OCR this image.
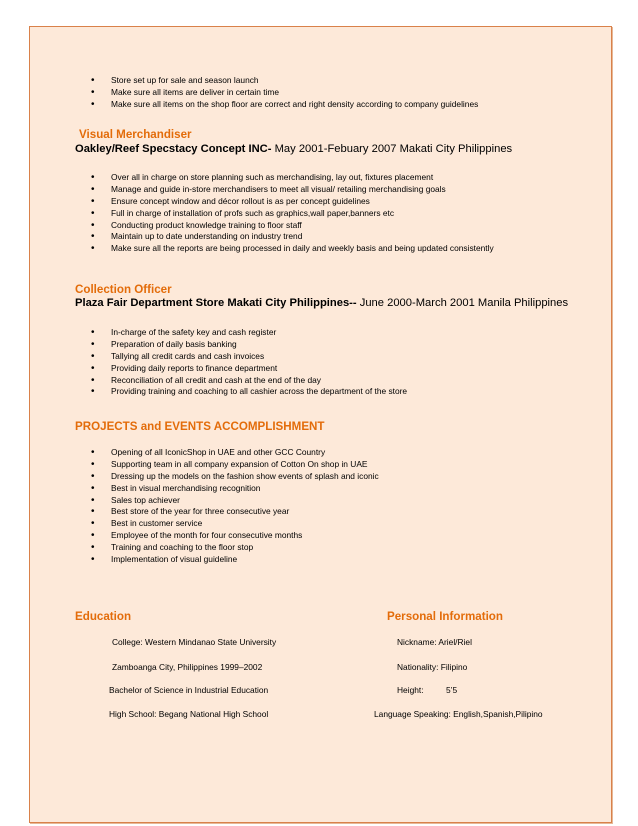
• Store set up for sale and season launch
• Make sure all items are deliver in certain time
• Make sure all items on the shop floor are correct and right density according to company guidelines
Visual Merchandiser
Oakley/Reef Specstacy Concept INC- May 2001-Febuary 2007 Makati City Philippines
• Over all in charge on store planning such as merchandising, lay out, fixtures placement
• Manage and guide in-store merchandisers to meet all visual/ retailing merchandising goals
• Ensure concept window and décor rollout is as per concept guidelines
• Full in charge of installation of profs such as graphics,wall paper,banners etc
• Conducting product knowledge training to floor staff
• Maintain up to date understanding on industry trend
• Make sure all the reports are being processed in daily and weekly basis and being updated consistently
Collection Officer
Plaza Fair Department Store Makati City Philippines-- June 2000-March 2001 Manila Philippines
• In-charge of the safety key and cash register
• Preparation of daily basis banking
• Tallying all credit cards and cash invoices
• Providing daily reports to finance department
• Reconciliation of all credit and cash at the end of the day
• Providing training and coaching to all cashier across the department of the store
PROJECTS and EVENTS ACCOMPLISHMENT
• Opening of all IconicShop in UAE and other GCC Country
• Supporting team in all company expansion of Cotton On shop in UAE
• Dressing up the models on the fashion show events of splash and iconic
• Best in visual merchandising recognition
• Sales top achiever
• Best store of the year for three consecutive year
• Best in customer service
• Employee of the month for four consecutive months
• Training and coaching to the floor stop
• Implementation of visual guideline
Education
College: Western Mindanao State University
Zamboanga City, Philippines 1999–2002
Bachelor of Science in Industrial Education
High School: Begang National High School
Personal Information
Nickname: Ariel/Riel
Nationality: Filipino
Height:	5’5
Language Speaking: English,Spanish,Pilipino
